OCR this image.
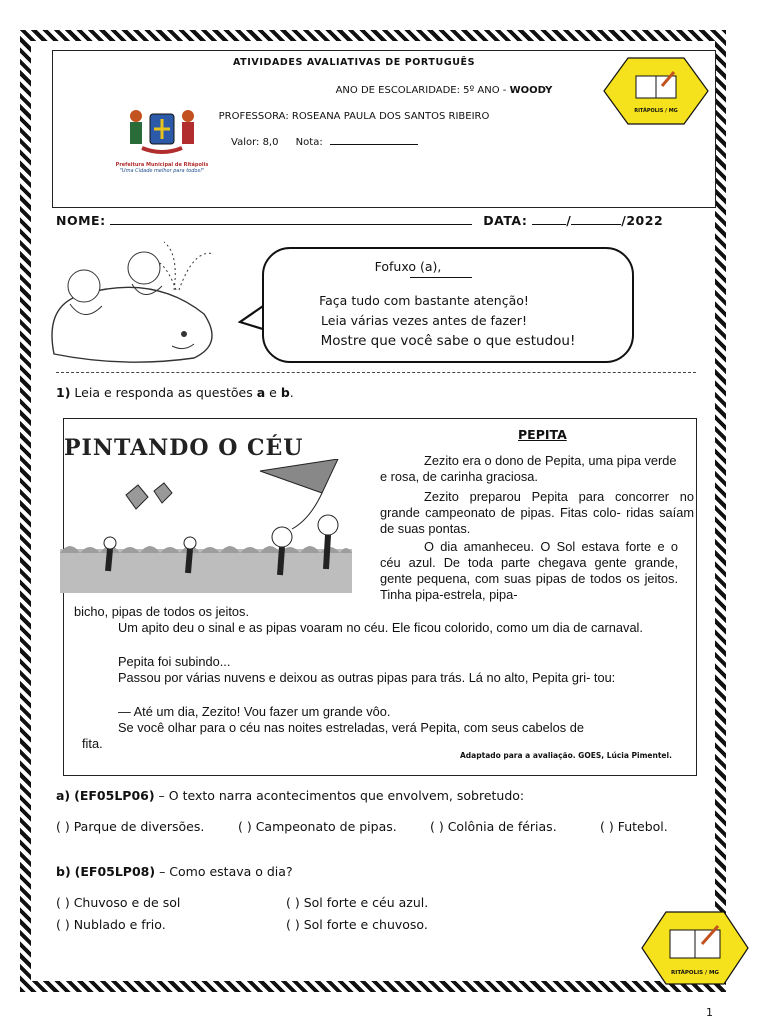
ATIVIDADES AVALIATIVAS DE PORTUGUÊS
ANO DE ESCOLARIDADE: 5º ANO - WOODY
PROFESSORA: ROSEANA PAULA DOS SANTOS RIBEIRO
Valor: 8,0 Nota:
Prefeitura Municipal de Ritápolis
"Uma Cidade melhor para todos!"
RITÁPOLIS / MG
NOME:	DATA:	/	/2022
Fofuxo (a),
Faça tudo com bastante atenção!
Leia várias vezes antes de fazer!
Mostre que você sabe o que estudou!
1) Leia e responda as questões a e b.
PINTANDO O CÉU
PEPITA
Zezito era o dono de Pepita, uma pipa verde e rosa, de carinha graciosa.
Zezito preparou Pepita para concorrer no grande campeonato de pipas. Fitas colo- ridas saíam de suas pontas.
O dia amanheceu. O Sol estava forte e o céu azul. De toda parte chegava gente grande, gente pequena, com suas pipas de todos os jeitos. Tinha pipa-estrela, pipa-
bicho, pipas de todos os jeitos.
Um apito deu o sinal e as pipas voaram no céu. Ele ficou colorido, como um dia de carnaval.
Pepita foi subindo...
Passou por várias nuvens e deixou as outras pipas para trás. Lá no alto, Pepita gri- tou:
— Até um dia, Zezito! Vou fazer um grande vôo.
Se você olhar para o céu nas noites estreladas, verá Pepita, com seus cabelos de
fita.
Adaptado para a avaliação. GOES, Lúcia Pimentel.
a) (EF05LP06) – O texto narra acontecimentos que envolvem, sobretudo:
( ) Parque de diversões.	( ) Campeonato de pipas.	( ) Colônia de férias.	( ) Futebol.
b) (EF05LP08) – Como estava o dia?
( ) Chuvoso e de sol	( ) Sol forte e céu azul.
( ) Nublado e frio.	( ) Sol forte e chuvoso.
RITÁPOLIS / MG
1
